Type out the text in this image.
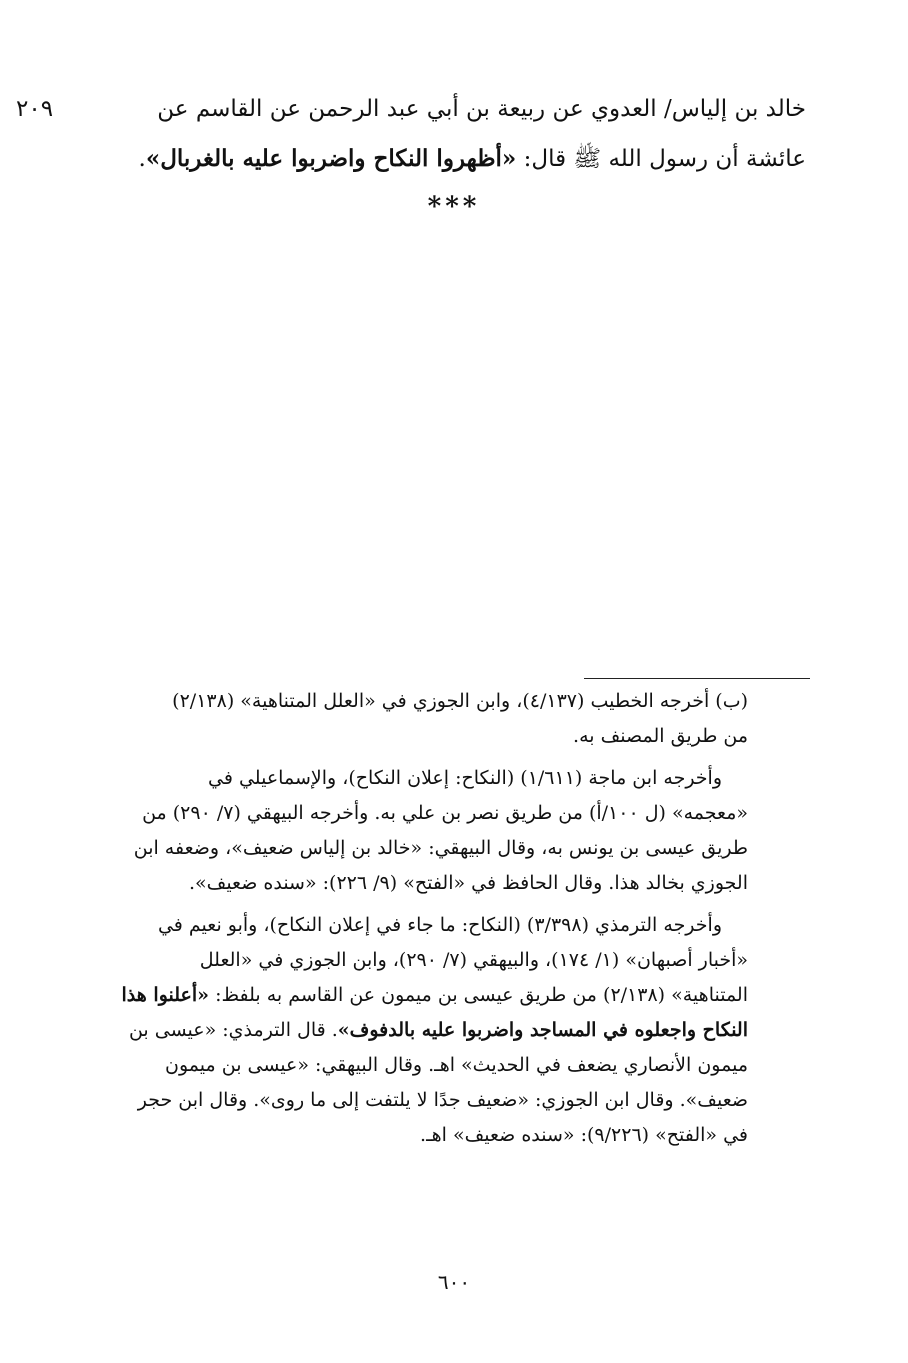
خالد بن إلياس/ العدوي عن ربيعة بن أبي عبد الرحمن عن القاسم عن
عائشة أن رسول الله ﷺ قال: «أظهروا النكاح واضربوا عليه بالغربال».
٢٠٩
***

(ب) أخرجه الخطيب (٤/١٣٧)، وابن الجوزي في «العلل المتناهية» (٢/١٣٨)
من طريق المصنف به.

وأخرجه ابن ماجة (١/٦١١) (النكاح: إعلان النكاح)، والإسماعيلي في
«معجمه» (ل ١٠٠/أ) من طريق نصر بن علي به. وأخرجه البيهقي (٧/ ٢٩٠) من
طريق عيسى بن يونس به، وقال البيهقي: «خالد بن إلياس ضعيف»، وضعفه ابن
الجوزي بخالد هذا. وقال الحافظ في «الفتح» (٩/ ٢٢٦): «سنده ضعيف».

وأخرجه الترمذي (٣/٣٩٨) (النكاح: ما جاء في إعلان النكاح)، وأبو نعيم في
«أخبار أصبهان» (١/ ١٧٤)، والبيهقي (٧/ ٢٩٠)، وابن الجوزي في «العلل
المتناهية» (٢/١٣٨) من طريق عيسى بن ميمون عن القاسم به بلفظ: «أعلنوا هذا
النكاح واجعلوه في المساجد واضربوا عليه بالدفوف». قال الترمذي: «عيسى بن
ميمون الأنصاري يضعف في الحديث» اهـ. وقال البيهقي: «عيسى بن ميمون
ضعيف». وقال ابن الجوزي: «ضعيف جدًا لا يلتفت إلى ما روى». وقال ابن حجر
في «الفتح» (٩/٢٢٦): «سنده ضعيف» اهـ.

٦٠٠
